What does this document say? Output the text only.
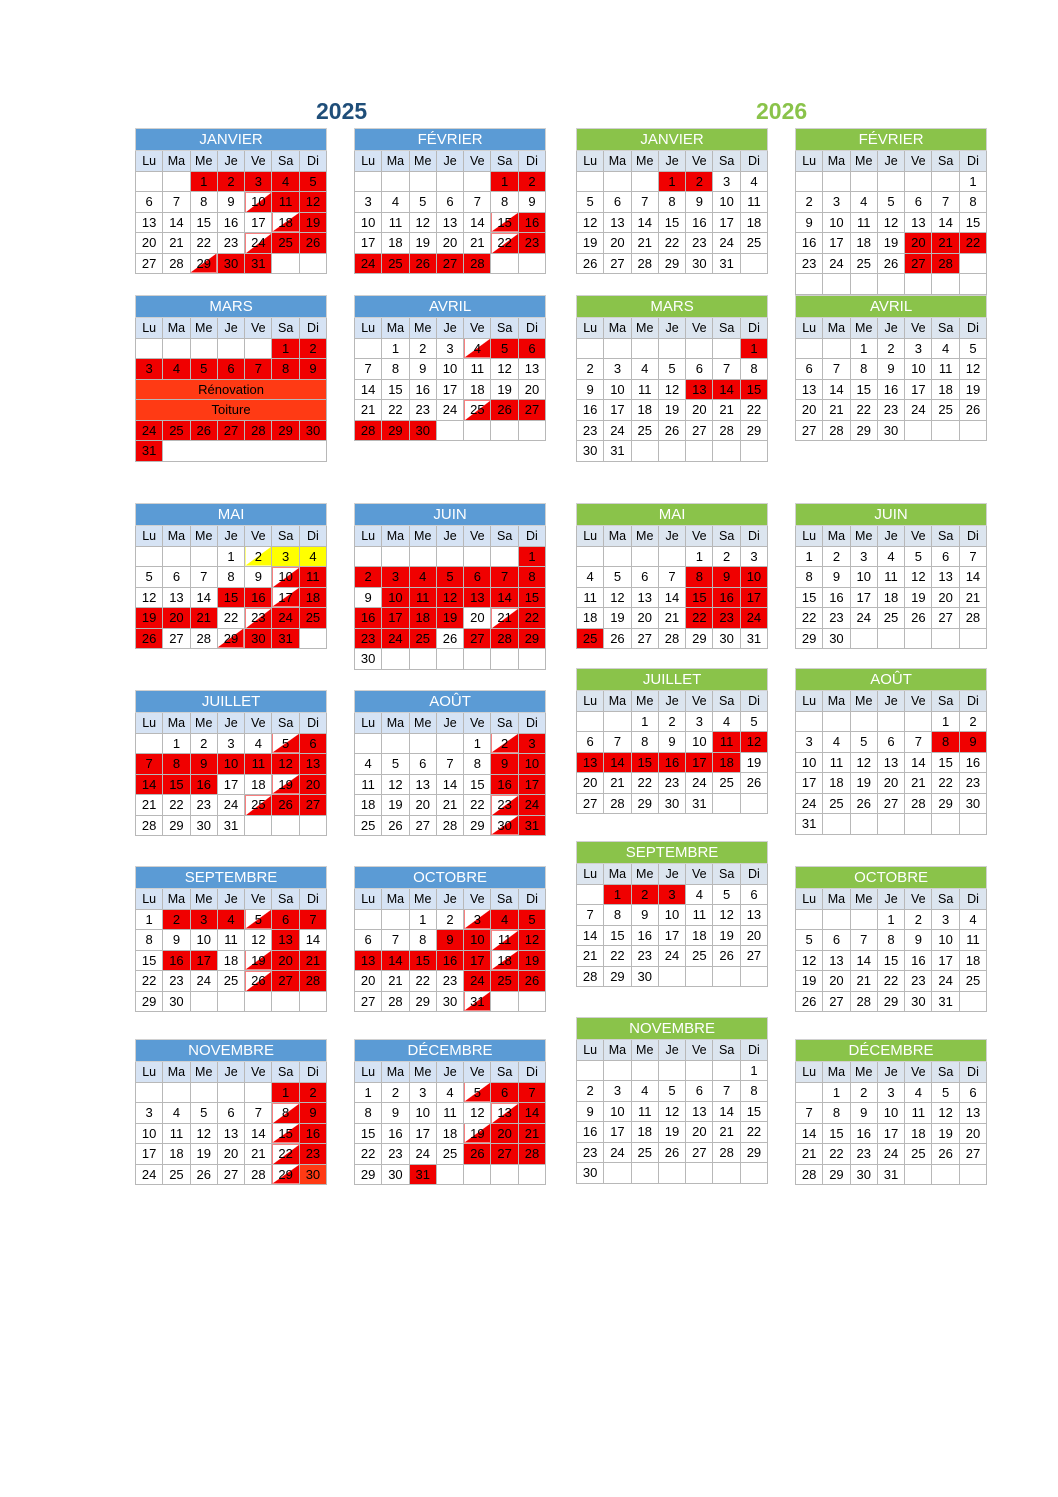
2025	2026
JANVIER						
Lu	Ma	Me	Je	Ve	Sa	Di
		1	2	3	4	5
6	7	8	9	10	11	12
13	14	15	16	17	18	19
20	21	22	23	24	25	26
27	28	29	30	31		
FÉVRIER						
Lu	Ma	Me	Je	Ve	Sa	Di
					1	2
3	4	5	6	7	8	9
10	11	12	13	14	15	16
17	18	19	20	21	22	23
24	25	26	27	28		
JANVIER						
Lu	Ma	Me	Je	Ve	Sa	Di
			1	2	3	4
5	6	7	8	9	10	11
12	13	14	15	16	17	18
19	20	21	22	23	24	25
26	27	28	29	30	31	
FÉVRIER						
Lu	Ma	Me	Je	Ve	Sa	Di
						1
2	3	4	5	6	7	8
9	10	11	12	13	14	15
16	17	18	19	20	21	22
23	24	25	26	27	28	

MARS						
Lu	Ma	Me	Je	Ve	Sa	Di
					1	2
3	4	5	6	7	8	9
Rénovation						
Toiture						
24	25	26	27	28	29	30
31						
AVRIL						
Lu	Ma	Me	Je	Ve	Sa	Di
	1	2	3	4	5	6
7	8	9	10	11	12	13
14	15	16	17	18	19	20
21	22	23	24	25	26	27
28	29	30				
MARS						
Lu	Ma	Me	Je	Ve	Sa	Di
						1
2	3	4	5	6	7	8
9	10	11	12	13	14	15
16	17	18	19	20	21	22
23	24	25	26	27	28	29
30	31					
AVRIL						
Lu	Ma	Me	Je	Ve	Sa	Di
		1	2	3	4	5
6	7	8	9	10	11	12
13	14	15	16	17	18	19
20	21	22	23	24	25	26
27	28	29	30			
MAI						
Lu	Ma	Me	Je	Ve	Sa	Di
			1	2	3	4
5	6	7	8	9	10	11
12	13	14	15	16	17	18
19	20	21	22	23	24	25
26	27	28	29	30	31	
JUIN						
Lu	Ma	Me	Je	Ve	Sa	Di
						1
2	3	4	5	6	7	8
9	10	11	12	13	14	15
16	17	18	19	20	21	22
23	24	25	26	27	28	29
30						
MAI						
Lu	Ma	Me	Je	Ve	Sa	Di
				1	2	3
4	5	6	7	8	9	10
11	12	13	14	15	16	17
18	19	20	21	22	23	24
25	26	27	28	29	30	31
JUIN						
Lu	Ma	Me	Je	Ve	Sa	Di
1	2	3	4	5	6	7
8	9	10	11	12	13	14
15	16	17	18	19	20	21
22	23	24	25	26	27	28
29	30					
JUILLET						
Lu	Ma	Me	Je	Ve	Sa	Di
		1	2	3	4	5
6	7	8	9	10	11	12
13	14	15	16	17	18	19
20	21	22	23	24	25	26
27	28	29	30	31		
AOÛT						
Lu	Ma	Me	Je	Ve	Sa	Di
					1	2
3	4	5	6	7	8	9
10	11	12	13	14	15	16
17	18	19	20	21	22	23
24	25	26	27	28	29	30
31						
JUILLET						
Lu	Ma	Me	Je	Ve	Sa	Di
	1	2	3	4	5	6
7	8	9	10	11	12	13
14	15	16	17	18	19	20
21	22	23	24	25	26	27
28	29	30	31			
AOÛT						
Lu	Ma	Me	Je	Ve	Sa	Di
				1	2	3
4	5	6	7	8	9	10
11	12	13	14	15	16	17
18	19	20	21	22	23	24
25	26	27	28	29	30	31
SEPTEMBRE						
Lu	Ma	Me	Je	Ve	Sa	Di
	1	2	3	4	5	6
7	8	9	10	11	12	13
14	15	16	17	18	19	20
21	22	23	24	25	26	27
28	29	30				
SEPTEMBRE						
Lu	Ma	Me	Je	Ve	Sa	Di
1	2	3	4	5	6	7
8	9	10	11	12	13	14
15	16	17	18	19	20	21
22	23	24	25	26	27	28
29	30					
OCTOBRE						
Lu	Ma	Me	Je	Ve	Sa	Di
		1	2	3	4	5
6	7	8	9	10	11	12
13	14	15	16	17	18	19
20	21	22	23	24	25	26
27	28	29	30	31		
OCTOBRE						
Lu	Ma	Me	Je	Ve	Sa	Di
			1	2	3	4
5	6	7	8	9	10	11
12	13	14	15	16	17	18
19	20	21	22	23	24	25
26	27	28	29	30	31	
NOVEMBRE						
Lu	Ma	Me	Je	Ve	Sa	Di
						1
2	3	4	5	6	7	8
9	10	11	12	13	14	15
16	17	18	19	20	21	22
23	24	25	26	27	28	29
30						
NOVEMBRE						
Lu	Ma	Me	Je	Ve	Sa	Di
					1	2
3	4	5	6	7	8	9
10	11	12	13	14	15	16
17	18	19	20	21	22	23
24	25	26	27	28	29	30
DÉCEMBRE						
Lu	Ma	Me	Je	Ve	Sa	Di
1	2	3	4	5	6	7
8	9	10	11	12	13	14
15	16	17	18	19	20	21
22	23	24	25	26	27	28
29	30	31				
DÉCEMBRE						
Lu	Ma	Me	Je	Ve	Sa	Di
	1	2	3	4	5	6
7	8	9	10	11	12	13
14	15	16	17	18	19	20
21	22	23	24	25	26	27
28	29	30	31			
